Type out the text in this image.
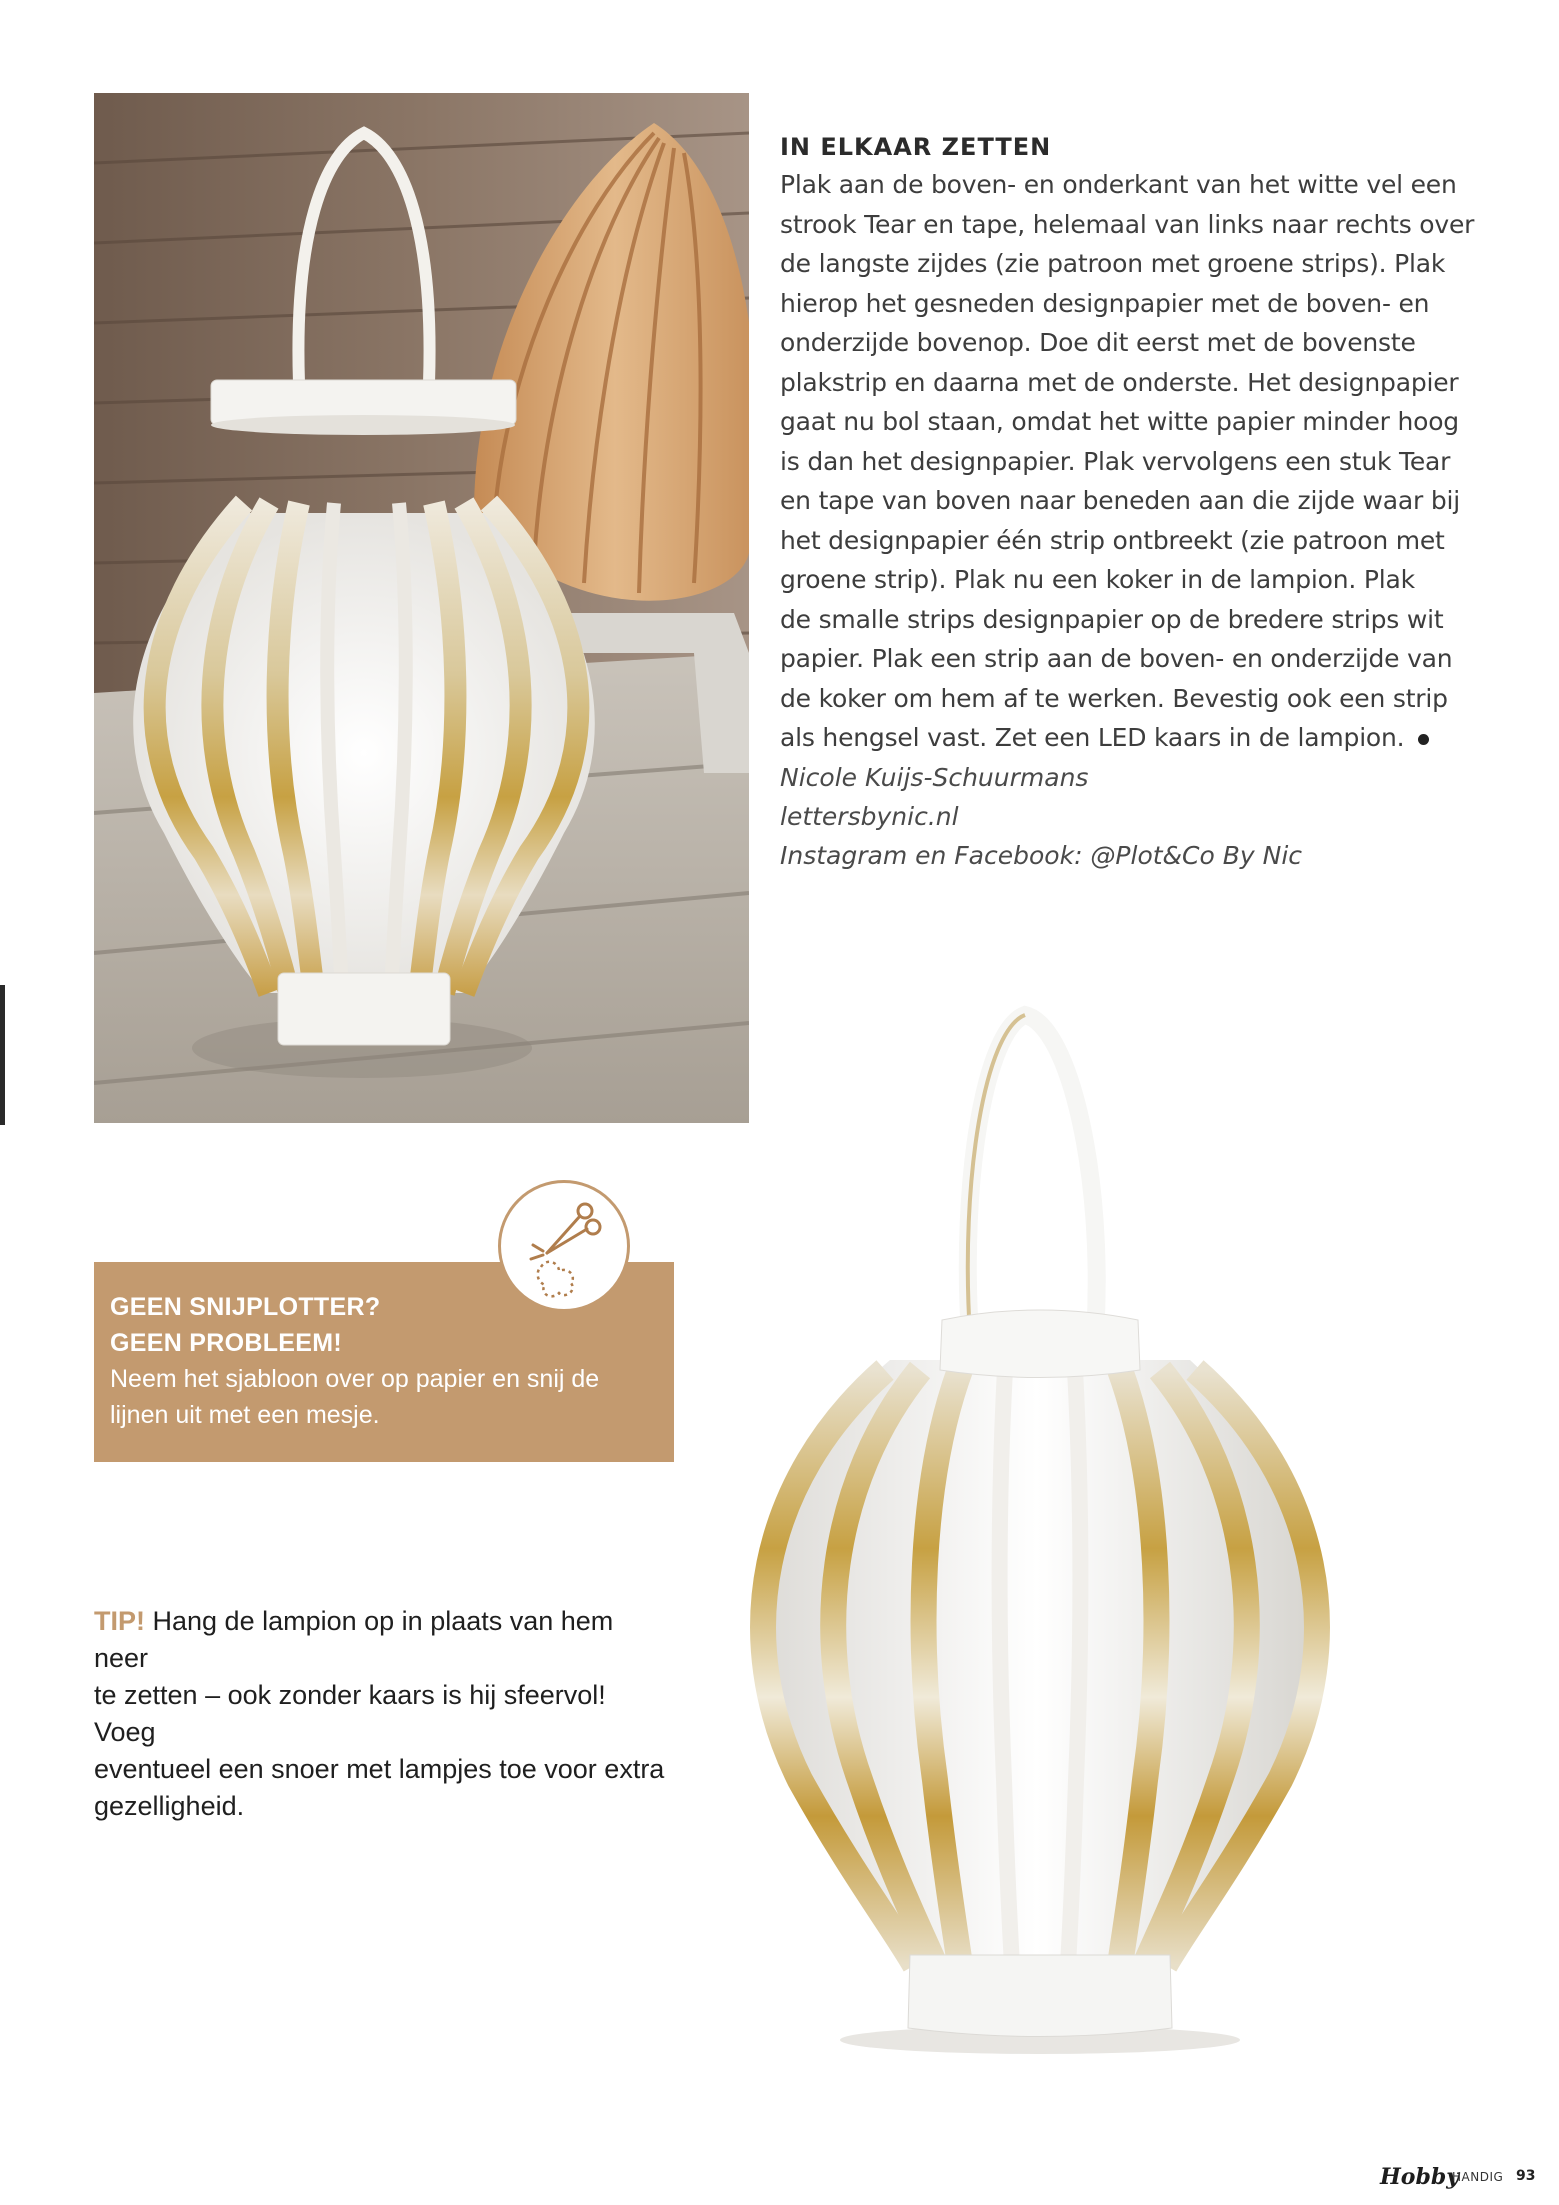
IN ELKAAR ZETTEN

Plak aan de boven- en onderkant van het witte vel een
strook Tear en tape, helemaal van links naar rechts over
de langste zijdes (zie patroon met groene strips). Plak
hierop het gesneden designpapier met de boven- en
onderzijde bovenop. Doe dit eerst met de bovenste
plakstrip en daarna met de onderste. Het designpapier
gaat nu bol staan, omdat het witte papier minder hoog
is dan het designpapier. Plak vervolgens een stuk Tear
en tape van boven naar beneden aan die zijde waar bij
het designpapier één strip ontbreekt (zie patroon met
groene strip). Plak nu een koker in de lampion. Plak
de smalle strips designpapier op de bredere strips wit
papier. Plak een strip aan de boven- en onderzijde van
de koker om hem af te werken. Bevestig ook een strip
als hengsel vast. Zet een LED kaars in de lampion.

Nicole Kuijs-Schuurmans
lettersbynic.nl
Instagram en Facebook: @Plot&Co By Nic
GEEN SNIJPLOTTER?
GEEN PROBLEEM!
Neem het sjabloon over op papier en snij de
lijnen uit met een mesje.
TIP! Hang de lampion op in plaats van hem neer
te zetten – ook zonder kaars is hij sfeervol! Voeg
eventueel een snoer met lampjes toe voor extra
gezelligheid.
Hobby
HANDIG 93
